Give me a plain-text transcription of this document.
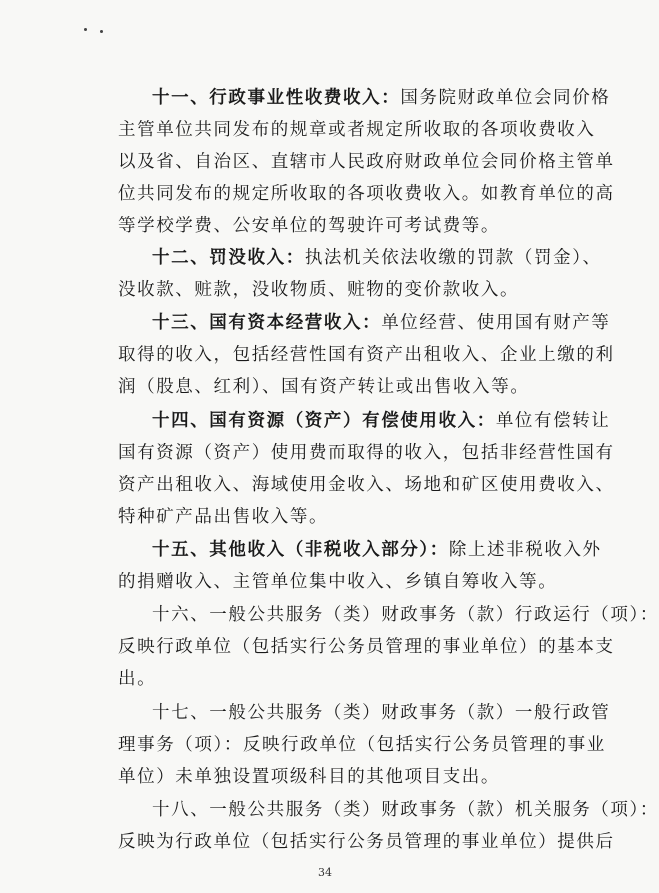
十一、行政事业性收费收入：国务院财政单位会同价格
主管单位共同发布的规章或者规定所收取的各项收费收入
以及省、自治区、直辖市人民政府财政单位会同价格主管单
位共同发布的规定所收取的各项收费收入。如教育单位的高
等学校学费、公安单位的驾驶许可考试费等。
十二、罚没收入：执法机关依法收缴的罚款（罚金）、
没收款、赃款，没收物质、赃物的变价款收入。
十三、国有资本经营收入：单位经营、使用国有财产等
取得的收入，包括经营性国有资产出租收入、企业上缴的利
润（股息、红利）、国有资产转让或出售收入等。
十四、国有资源（资产）有偿使用收入：单位有偿转让
国有资源（资产）使用费而取得的收入，包括非经营性国有
资产出租收入、海域使用金收入、场地和矿区使用费收入、
特种矿产品出售收入等。
十五、其他收入（非税收入部分）：除上述非税收入外
的捐赠收入、主管单位集中收入、乡镇自筹收入等。
十六、一般公共服务（类）财政事务（款）行政运行（项）：
反映行政单位（包括实行公务员管理的事业单位）的基本支
出。
十七、一般公共服务（类）财政事务（款）一般行政管
理事务（项）：反映行政单位（包括实行公务员管理的事业
单位）未单独设置项级科目的其他项目支出。
十八、一般公共服务（类）财政事务（款）机关服务（项）：
反映为行政单位（包括实行公务员管理的事业单位）提供后
34
